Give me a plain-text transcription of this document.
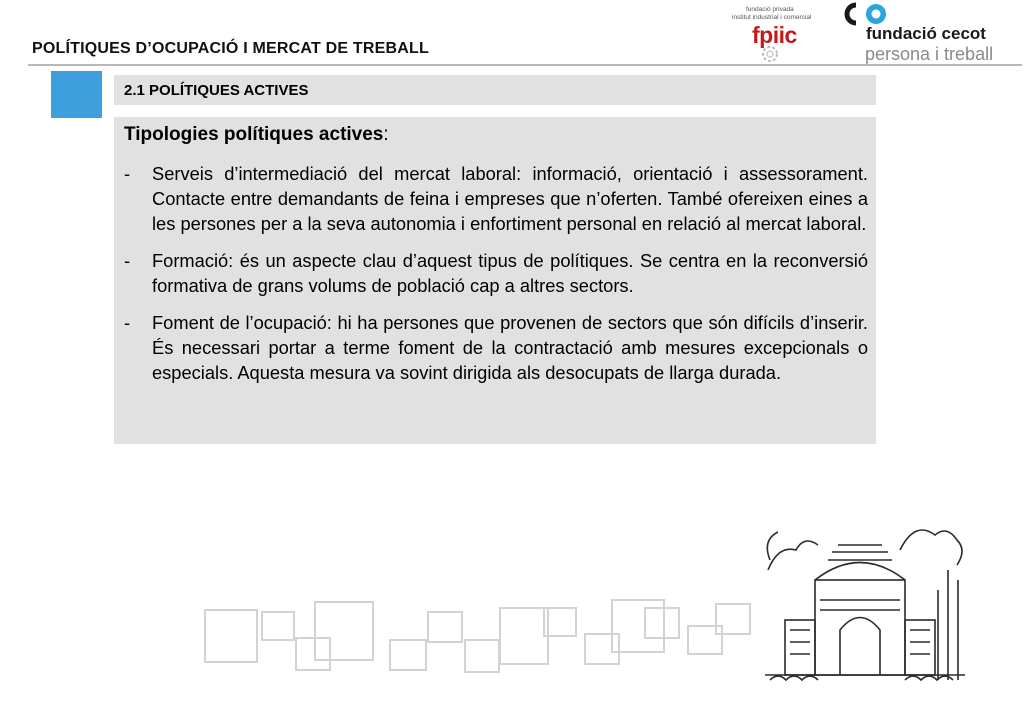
POLÍTIQUES D’OCUPACIÓ I MERCAT DE TREBALL
fundació privada
institut industrial i comercial
fpiic	fundació cecot
persona i treball
2.1 POLÍTIQUES ACTIVES
Tipologies polítiques actives:
- Serveis d’intermediació del mercat laboral: informació, orientació i assessorament. Contacte entre demandants de feina i empreses que n’oferten. També ofereixen eines a les persones per a la seva autonomia i enfortiment personal en relació al mercat laboral.
- Formació: és un aspecte clau d’aquest tipus de polítiques. Se centra en la reconversió formativa de grans volums de població cap a altres sectors.
- Foment de l’ocupació: hi ha persones que provenen de sectors que són difícils d’inserir. És necessari portar a terme foment de la contractació amb mesures excepcionals o especials. Aquesta mesura va sovint dirigida als desocupats de llarga durada.
